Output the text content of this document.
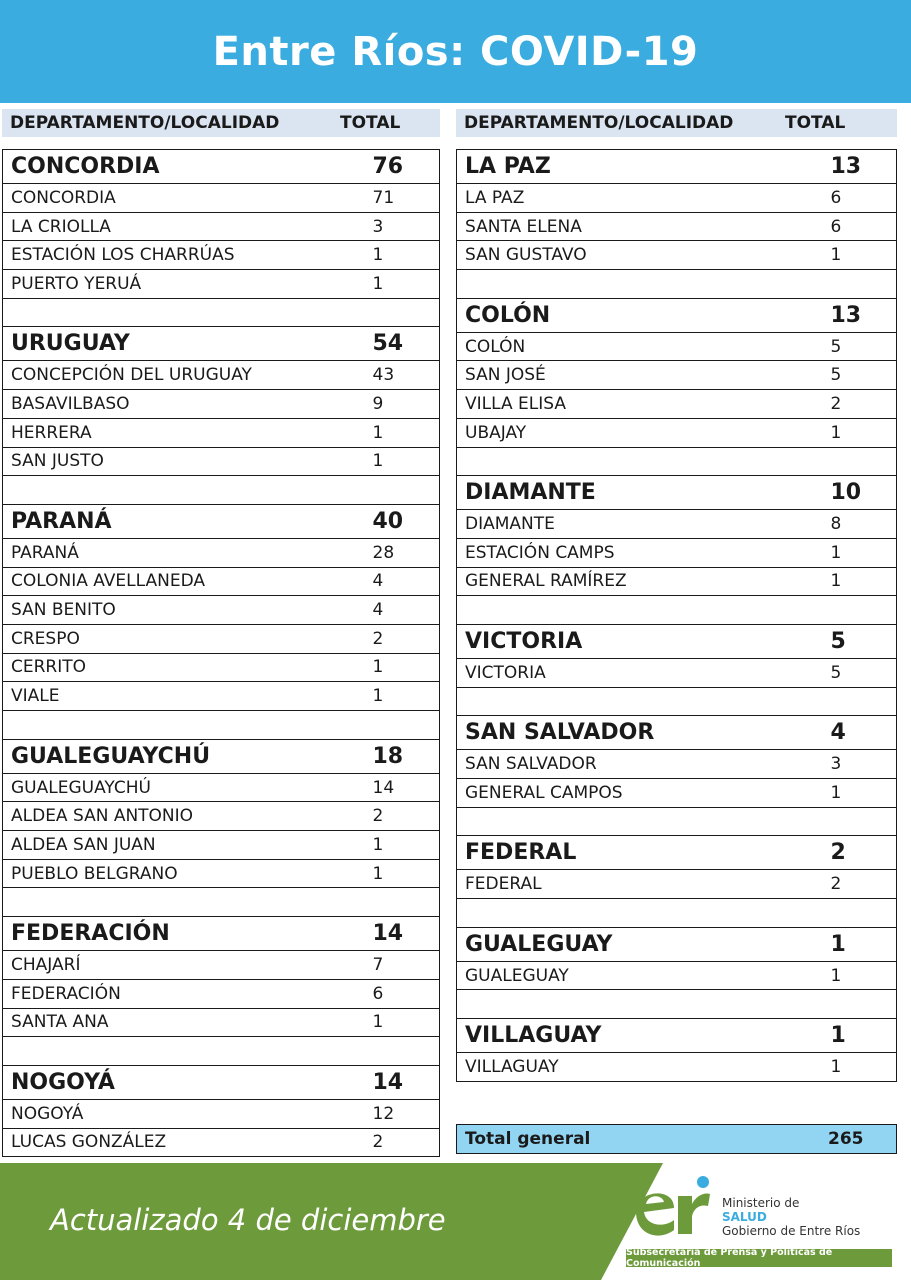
Entre Ríos: COVID-19
DEPARTAMENTO/LOCALIDAD	TOTAL
CONCORDIA	76
CONCORDIA	71
LA CRIOLLA	3
ESTACIÓN LOS CHARRÚAS	1
PUERTO YERUÁ	1

URUGUAY	54
CONCEPCIÓN DEL URUGUAY	43
BASAVILBASO	9
HERRERA	1
SAN JUSTO	1

PARANÁ	40
PARANÁ	28
COLONIA AVELLANEDA	4
SAN BENITO	4
CRESPO	2
CERRITO	1
VIALE	1

GUALEGUAYCHÚ	18
GUALEGUAYCHÚ	14
ALDEA SAN ANTONIO	2
ALDEA SAN JUAN	1
PUEBLO BELGRANO	1

FEDERACIÓN	14
CHAJARÍ	7
FEDERACIÓN	6
SANTA ANA	1

NOGOYÁ	14
NOGOYÁ	12
LUCAS GONZÁLEZ	2
DEPARTAMENTO/LOCALIDAD	TOTAL
LA PAZ	13
LA PAZ	6
SANTA ELENA	6
SAN GUSTAVO	1

COLÓN	13
COLÓN	5
SAN JOSÉ	5
VILLA ELISA	2
UBAJAY	1

DIAMANTE	10
DIAMANTE	8
ESTACIÓN CAMPS	1
GENERAL RAMÍREZ	1

VICTORIA	5
VICTORIA	5

SAN SALVADOR	4
SAN SALVADOR	3
GENERAL CAMPOS	1

FEDERAL	2
FEDERAL	2

GUALEGUAY	1
GUALEGUAY	1

VILLAGUAY	1
VILLAGUAY	1
Total general	265
Actualizado 4 de diciembre	Ministerio de
SALUD
Gobierno de Entre Ríos
Subsecretaría de Prensa y Políticas de Comunicación
